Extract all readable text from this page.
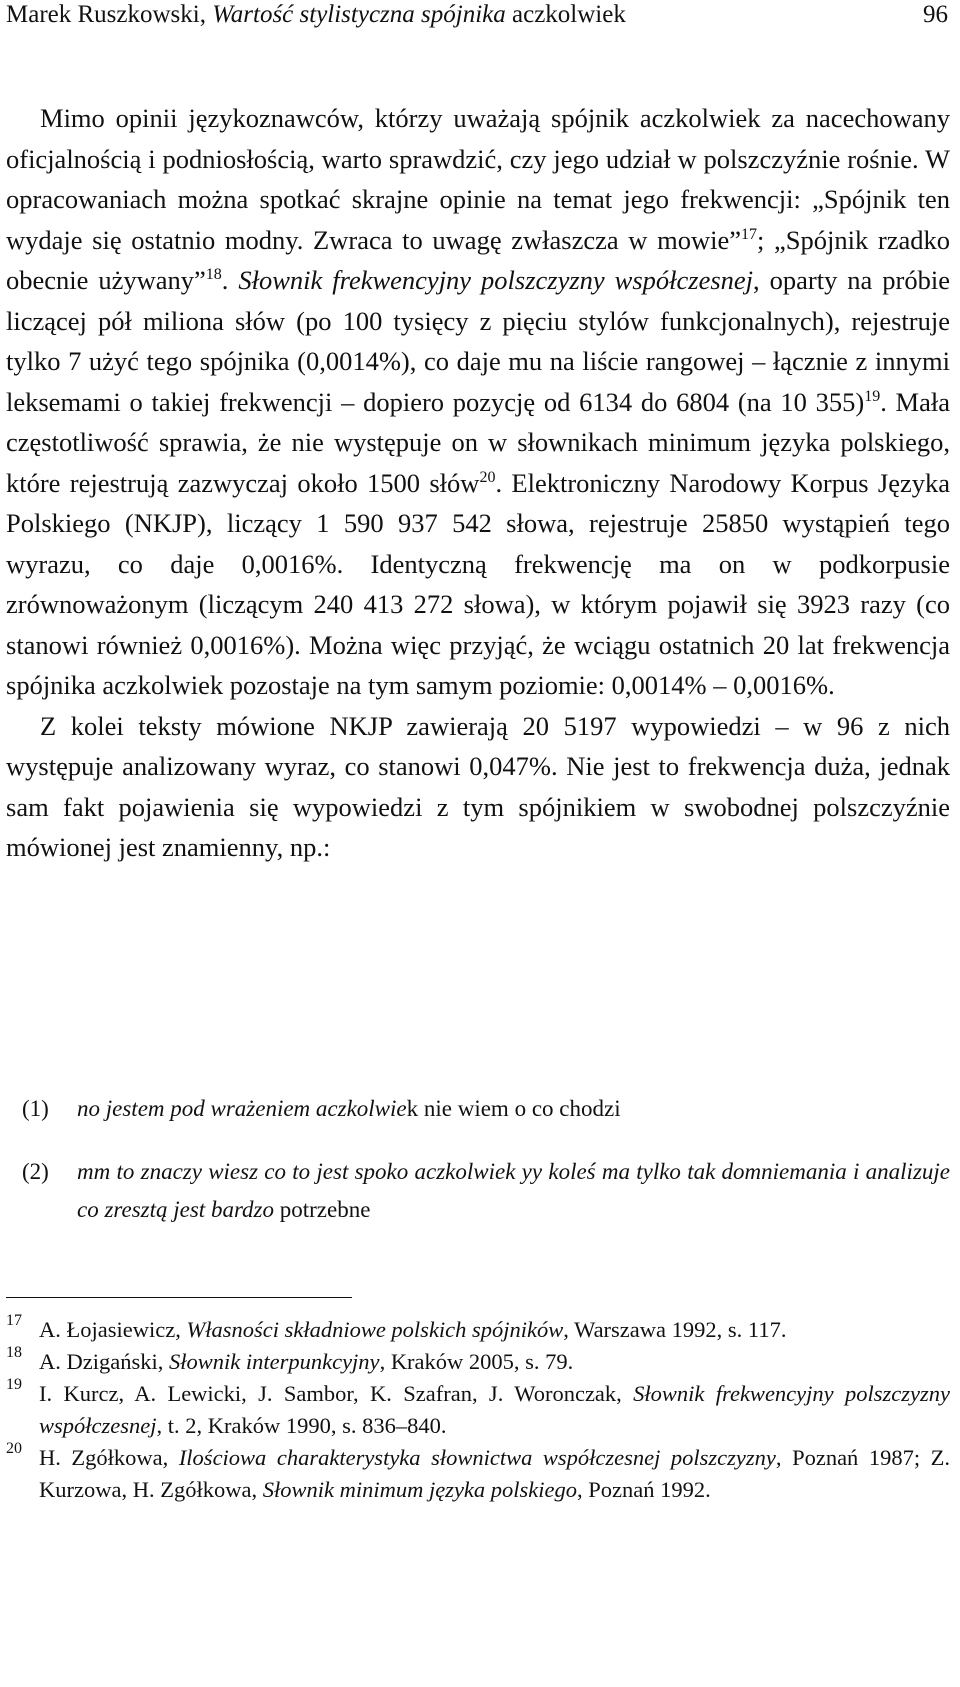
Marek Ruszkowski, Wartość stylistyczna spójnika aczkolwiek	96

Mimo opinii językoznawców, którzy uważają spójnik aczkolwiek za nacechowany oficjalnością i podniosłością, warto sprawdzić, czy jego udział w polszczyźnie rośnie. W opracowaniach można spotkać skrajne opinie na temat jego frekwencji: „Spójnik ten wydaje się ostatnio modny. Zwraca to uwagę zwłaszcza w mowie”$^{17}$; „Spójnik rzadko obecnie używany”$^{18}$. Słownik frekwencyjny polszczyzny współczesnej, oparty na próbie liczącej pół miliona słów (po 100 tysięcy z pięciu stylów funkcjonalnych), rejestruje tylko 7 użyć tego spójnika (0,0014%), co daje mu na liście rangowej – łącznie z innymi leksemami o takiej frekwencji – dopiero pozycję od 6134 do 6804 (na 10 355)$^{19}$. Mała częstotliwość sprawia, że nie występuje on w słownikach minimum języka polskiego, które rejestrują zazwyczaj około 1500 słów$^{20}$. Elektroniczny Narodowy Korpus Języka Polskiego (NKJP), liczący 1 590 937 542 słowa, rejestruje 25850 wystąpień tego wyrazu, co daje 0,0016%. Identyczną frekwencję ma on w podkorpusie zrównoważonym (liczącym 240 413 272 słowa), w którym pojawił się 3923 razy (co stanowi również 0,0016%). Można więc przyjąć, że wciągu ostatnich 20 lat frekwencja spójnika aczkolwiek pozostaje na tym samym poziomie: 0,0014% – 0,0016%.

Z kolei teksty mówione NKJP zawierają 20 5197 wypowiedzi – w 96 z nich występuje analizowany wyraz, co stanowi 0,047%. Nie jest to frekwencja duża, jednak sam fakt pojawienia się wypowiedzi z tym spójnikiem w swobodnej polszczyźnie mówionej jest znamienny, np.:

(1) no jestem pod wrażeniem aczkolwiek nie wiem o co chodzi
(2) mm to znaczy wiesz co to jest spoko aczkolwiek yy koleś ma tylko tak domniemania i analizuje co zresztą jest bardzo potrzebne
17 A. Łojasiewicz, Własności składniowe polskich spójników, Warszawa 1992, s. 117.
18 A. Dzigański, Słownik interpunkcyjny, Kraków 2005, s. 79.
19 I. Kurcz, A. Lewicki, J. Sambor, K. Szafran, J. Woronczak, Słownik frekwencyjny polszczyzny współczesnej, t. 2, Kraków 1990, s. 836–840.
20 H. Zgółkowa, Ilościowa charakterystyka słownictwa współczesnej polszczyzny, Poznań 1987; Z. Kurzowa, H. Zgółkowa, Słownik minimum języka polskiego, Poznań 1992.
